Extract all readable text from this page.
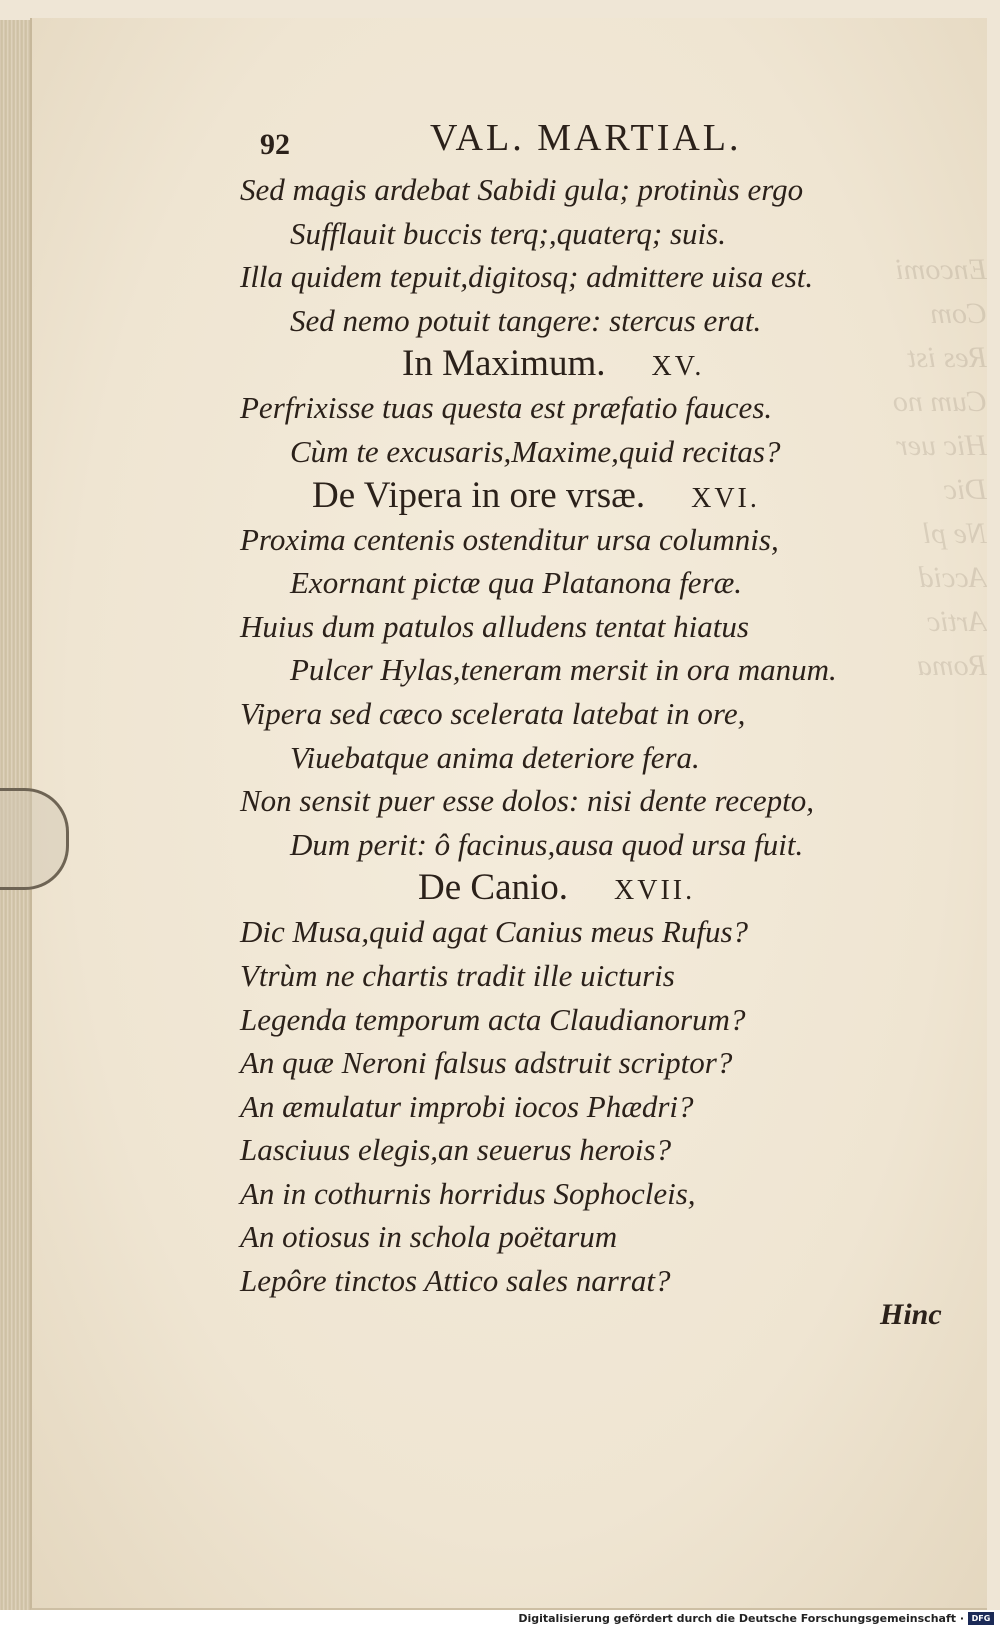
Encomi
Com
Res ist
Cum no
Hic uer
Dic
Ne pl
Accid
Artic
Roma
92	VAL. MARTIAL.
Sed magis ardebat Sabidi gula; protinùs ergo
Sufflauit buccis terq;,quaterq; suis.
Illa quidem tepuit,digitosq; admittere uisa est.
Sed nemo potuit tangere: stercus erat.
In Maximum. XV.
Perfrixisse tuas questa est præfatio fauces.
Cùm te excusaris,Maxime,quid recitas?
De Vipera in ore vrsæ. XVI.
Proxima centenis ostenditur ursa columnis,
Exornant pictæ qua Platanona feræ.
Huius dum patulos alludens tentat hiatus
Pulcer Hylas,teneram mersit in ora manum.
Vipera sed cæco scelerata latebat in ore,
Viuebatque anima deteriore fera.
Non sensit puer esse dolos: nisi dente recepto,
Dum perit: ô facinus,ausa quod ursa fuit.
De Canio. XVII.
Dic Musa,quid agat Canius meus Rufus?
Vtrùm ne chartis tradit ille uicturis
Legenda temporum acta Claudianorum?
An quæ Neroni falsus adstruit scriptor?
An æmulatur improbi iocos Phædri?
Lasciuus elegis,an seuerus herois?
An in cothurnis horridus Sophocleis,
An otiosus in schola poëtarum
Lepôre tinctos Attico sales narrat?
Hinc
Digitalisierung gefördert durch die Deutsche Forschungsgemeinschaft · DFG
